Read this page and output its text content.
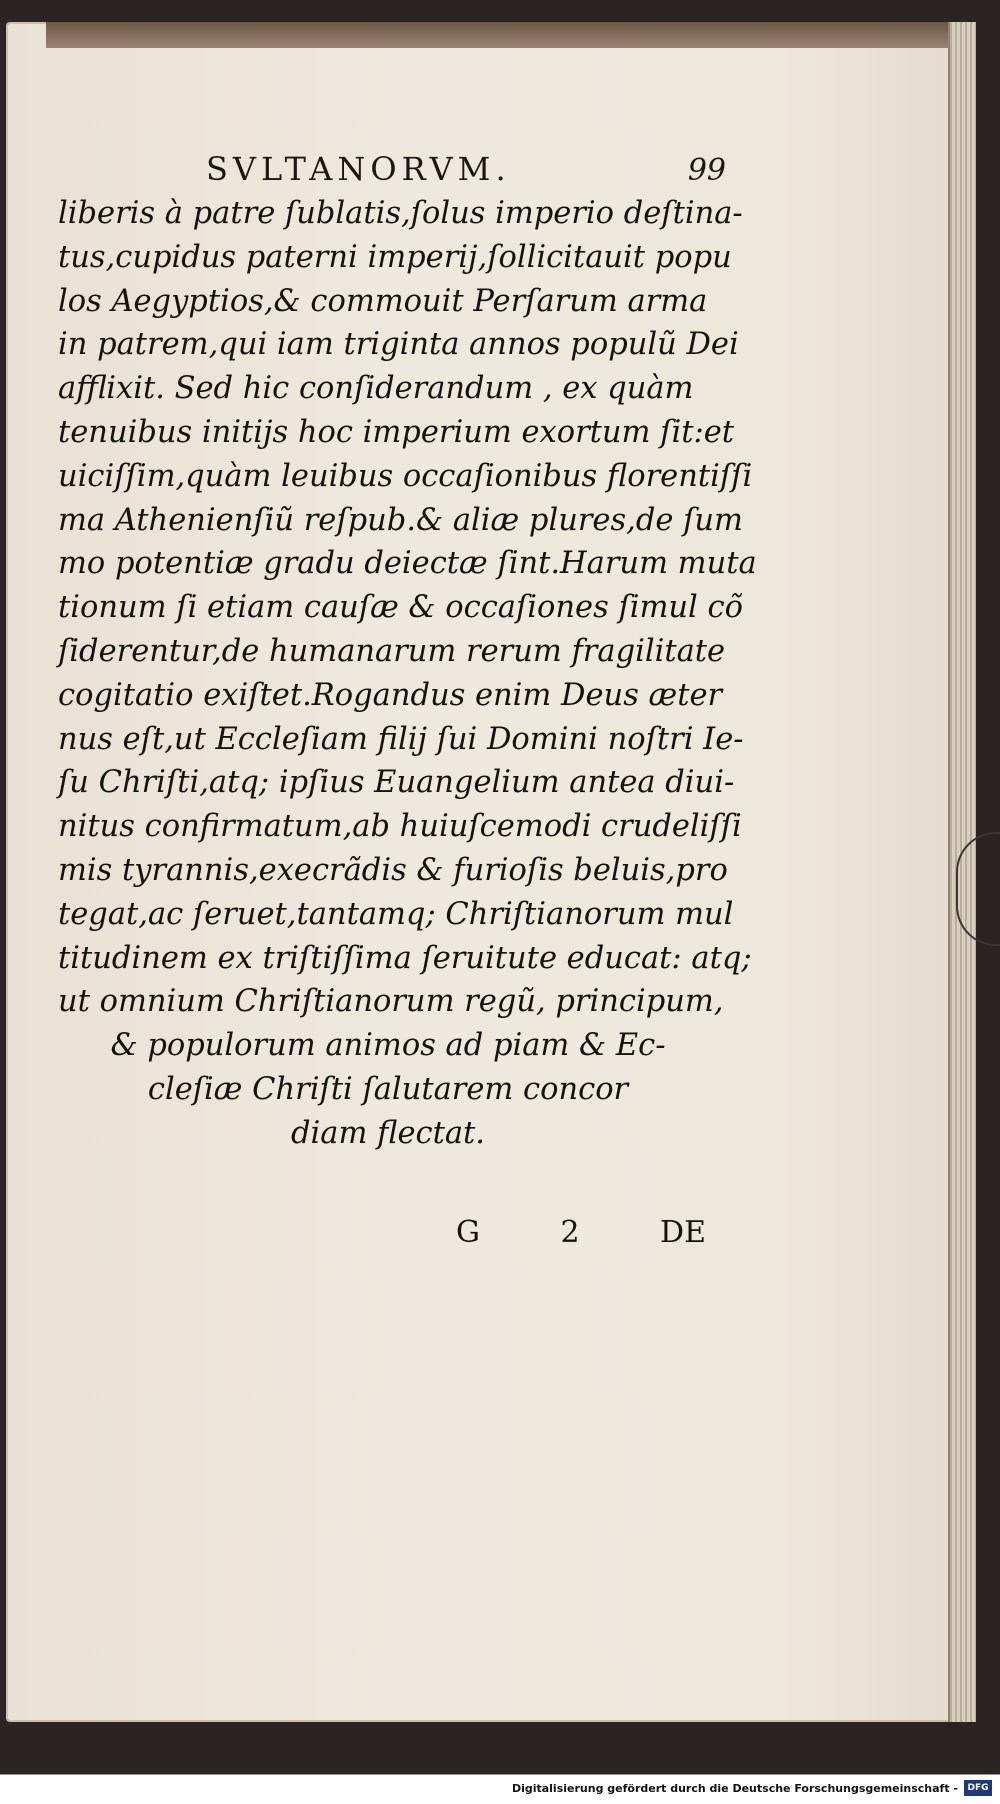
SVLTANORVM.	99
liberis à patre ſublatis,ſolus imperio deſtina-
tus,cupidus paterni imperij,ſollicitauit popu
los Aegyptios,& commouit Perſarum arma
in patrem,qui iam triginta annos populũ Dei
afflixit. Sed hic conſiderandum , ex quàm
tenuibus initijs hoc imperium exortum ſit:et
uiciſſim,quàm leuibus occaſionibus florentiſſi
ma Athenienſiũ reſpub.& aliæ plures,de ſum
mo potentiæ gradu deiectæ ſint.Harum muta
tionum ſi etiam cauſæ & occaſiones ſimul cõ
ſiderentur,de humanarum rerum fragilitate
cogitatio exiſtet.Rogandus enim Deus æter
nus eſt,ut Eccleſiam filij ſui Domini noſtri Ie-
ſu Chriſti,atq; ipſius Euangelium antea diui-
nitus confirmatum,ab huiuſcemodi crudeliſſi
mis tyrannis,execrãdis & furioſis beluis,pro
tegat,ac ſeruet,tantamq; Chriſtianorum mul
titudinem ex triſtiſſima ſeruitute educat: atq;
ut omnium Chriſtianorum regũ, principum,
& populorum animos ad piam & Ec-
cleſiæ Chriſti ſalutarem concor
diam flectat.
G	2	DE
Digitalisierung gefördert durch die Deutsche Forschungsgemeinschaft -	DFG
